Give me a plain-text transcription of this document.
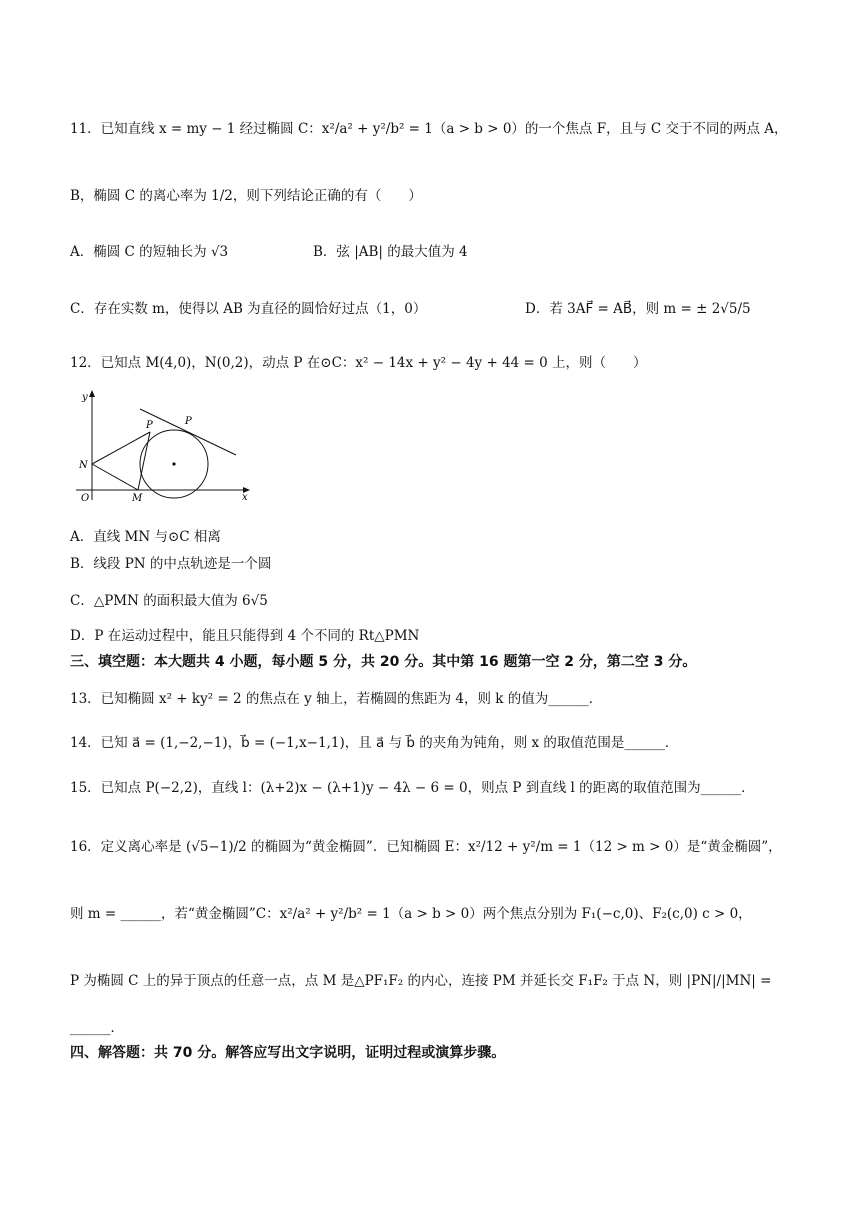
11．已知直线 x = my − 1 经过椭圆 C：x²/a² + y²/b² = 1（a > b > 0）的一个焦点 F，且与 C 交于不同的两点 A，
B，椭圆 C 的离心率为 1/2，则下列结论正确的有（　　）
A．椭圆 C 的短轴长为 √3	B．弦 |AB| 的最大值为 4
C．存在实数 m，使得以 AB 为直径的圆恰好过点（1，0）	D．若 3AF⃗ = AB⃗，则 m = ± 2√5/5
12．已知点 M(4,0)，N(0,2)，动点 P 在⊙C：x² − 14x + y² − 4y + 44 = 0 上，则（　　）
y
x
O
N
M
P	P
A．直线 MN 与⊙C 相离
B．线段 PN 的中点轨迹是一个圆
C．△PMN 的面积最大值为 6√5
D．P 在运动过程中，能且只能得到 4 个不同的 Rt△PMN
三、填空题：本大题共 4 小题，每小题 5 分，共 20 分。其中第 16 题第一空 2 分，第二空 3 分。
13．已知椭圆 x² + ky² = 2 的焦点在 y 轴上，若椭圆的焦距为 4，则 k 的值为______．
14．已知 a⃗ = (1,−2,−1)，b⃗ = (−1,x−1,1)，且 a⃗ 与 b⃗ 的夹角为钝角，则 x 的取值范围是______．
15．已知点 P(−2,2)，直线 l：(λ+2)x − (λ+1)y − 4λ − 6 = 0，则点 P 到直线 l 的距离的取值范围为______．
16．定义离心率是 (√5−1)/2 的椭圆为“黄金椭圆”．已知椭圆 E：x²/12 + y²/m = 1（12 > m > 0）是“黄金椭圆”，
则 m = ______，若“黄金椭圆”C：x²/a² + y²/b² = 1（a > b > 0）两个焦点分别为 F₁(−c,0)、F₂(c,0) c > 0，
P 为椭圆 C 上的异于顶点的任意一点，点 M 是△PF₁F₂ 的内心，连接 PM 并延长交 F₁F₂ 于点 N，则 |PN|/|MN| =
______．
四、解答题：共 70 分。解答应写出文字说明，证明过程或演算步骤。
